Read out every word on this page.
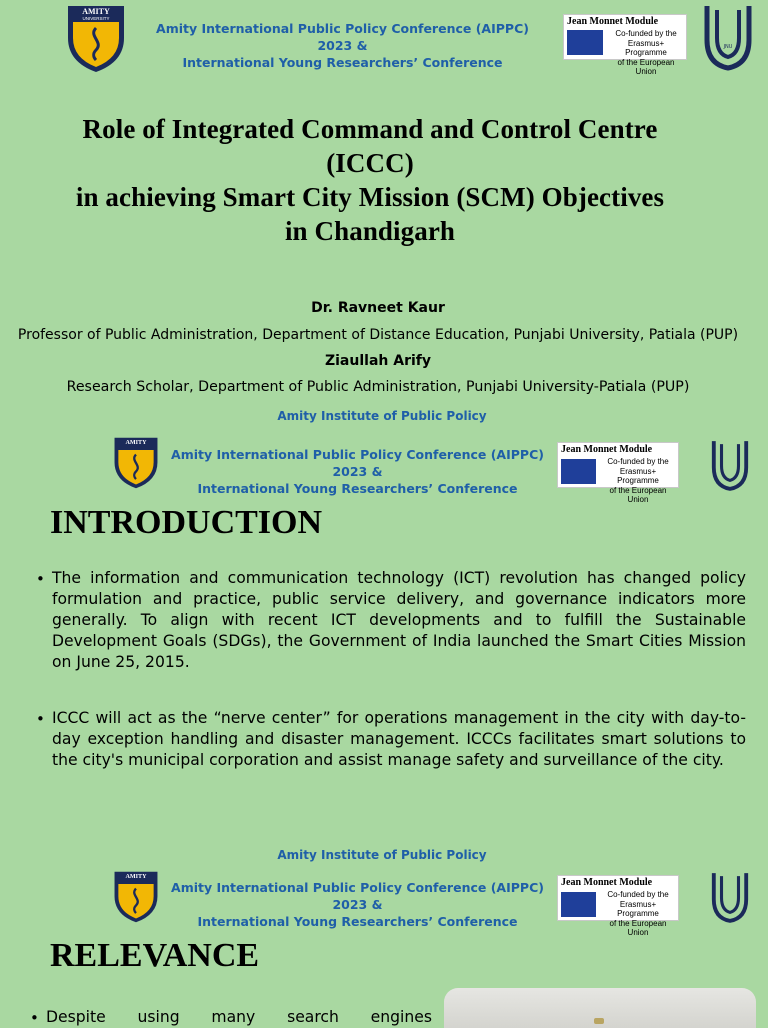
AMITY
UNIVERSITY
Amity International Public Policy Conference (AIPPC) 2023 &
International Young Researchers’ Conference
Jean Monnet Module
Co-funded by the
Erasmus+ Programme
of the European Union
JNU
Role of Integrated Command and Control Centre
(ICCC)
in achieving Smart City Mission (SCM) Objectives
in Chandigarh
Dr. Ravneet Kaur
Professor of Public Administration, Department of Distance Education, Punjabi University, Patiala (PUP)
Ziaullah Arify
Research Scholar, Department of Public Administration, Punjabi University-Patiala (PUP)
Amity Institute of Public Policy
AMITY
Amity International Public Policy Conference (AIPPC) 2023 &
International Young Researchers’ Conference
Jean Monnet Module
Co-funded by the
Erasmus+ Programme
of the European Union
INTRODUCTION
• The information and communication technology (ICT) revolution has changed policy formulation and practice, public service delivery, and governance indicators more generally. To align with recent ICT developments and to fulfill the Sustainable Development Goals (SDGs), the Government of India launched the Smart Cities Mission on June 25, 2015.
• ICCC will act as the “nerve center” for operations management in the city with day-to-day exception handling and disaster management. ICCCs facilitates smart solutions to the city's municipal corporation and assist manage safety and surveillance of the city.
Amity Institute of Public Policy
AMITY
Amity International Public Policy Conference (AIPPC) 2023 &
International Young Researchers’ Conference
Jean Monnet Module
Co-funded by the
Erasmus+ Programme
of the European Union
RELEVANCE
• Despite using many search engines
